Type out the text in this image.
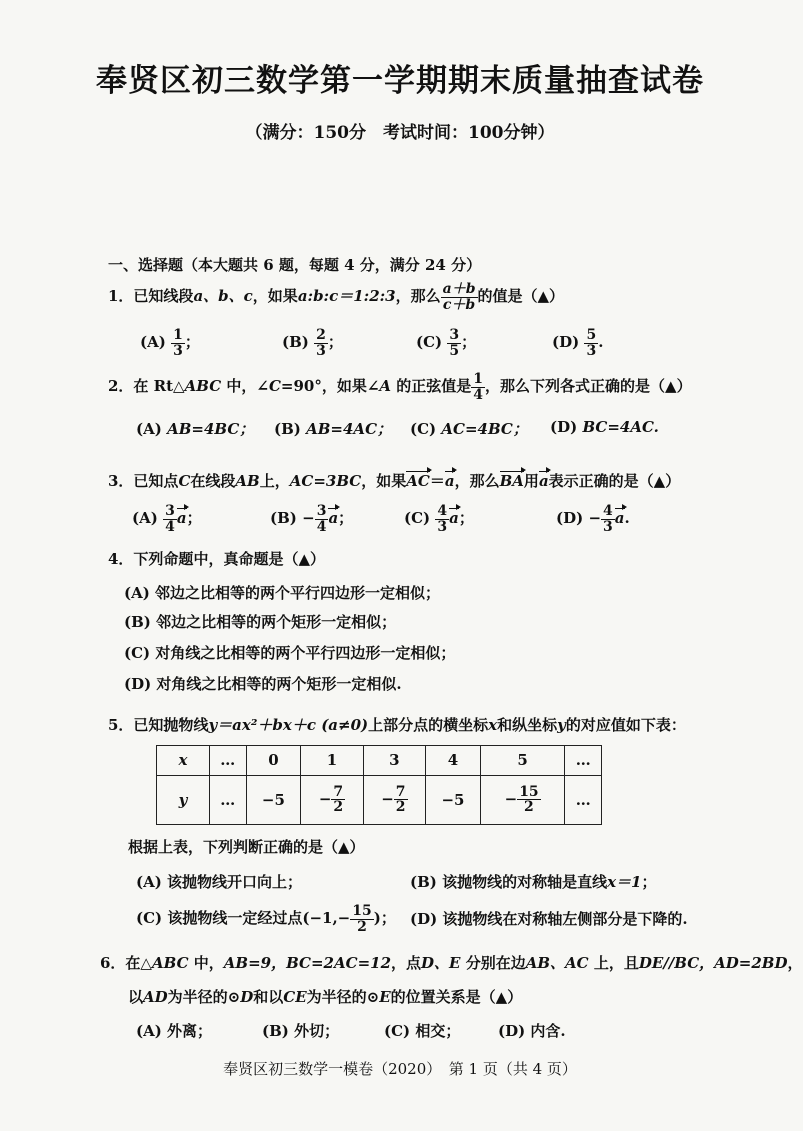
奉贤区初三数学第一学期期末质量抽查试卷
（满分：150分　考试时间：100分钟）
一、选择题（本大题共 6 题，每题 4 分，满分 24 分）
1．已知线段a、b、c，如果a:b:c＝1:2:3，那么 $\frac{a+b}{c+b}$ 的值是（▲）
$(A) \frac{1}{3}$ ；	$(B) \frac{2}{3}$ ；	$(C) \frac{3}{5}$ ；	$(D) \frac{5}{3}$ .
2．在 Rt△ABC 中，∠C=90°，如果∠A 的正弦值是 $\frac{1}{4}$ ，那么下列各式正确的是（▲）
(A) AB=4BC； (B) AB=4AC； (C) AC=4BC； (D) BC=4AC.
3．已知点C在线段AB上，AC=3BC，如果AC＝a，那么BA用a表示正确的是（▲）
$(A) \frac{3}{4}$ a；	$(B) - \frac{3}{4}$ a；	$(C) \frac{4}{3}$ a；	$(D) - \frac{4}{3} a$.
4．下列命题中，真命题是（▲）
(A) 邻边之比相等的两个平行四边形一定相似；
(B) 邻边之比相等的两个矩形一定相似；
(C) 对角线之比相等的两个平行四边形一定相似；
(D) 对角线之比相等的两个矩形一定相似.
5．已知抛物线y＝ax²＋bx＋c (a≠0)上部分点的横坐标x和纵坐标y的对应值如下表：
x	…	0	1	3	4	5	…
y	…	−5	− $\frac{7}{2}$	− $\frac{7}{2}$	−5	− $\frac{15}{2}$	…
根据上表，下列判断正确的是（▲）
(A) 该抛物线开口向上；	(B) 该抛物线的对称轴是直线x＝1；
(C) 该抛物线一定经过点($-1,- \frac{15}{2}$ )； (D) 该抛物线在对称轴左侧部分是下降的.
6．在△ABC 中，AB=9，BC=2AC=12，点D、E 分别在边AB、AC 上，且DE//BC，AD=2BD，
以AD为半径的⊙D和以CE为半径的⊙E的位置关系是（▲）
(A) 外离；	(B) 外切；	(C) 相交；	(D) 内含.
奉贤区初三数学一模卷（2020）　第 1 页（共 4 页）
